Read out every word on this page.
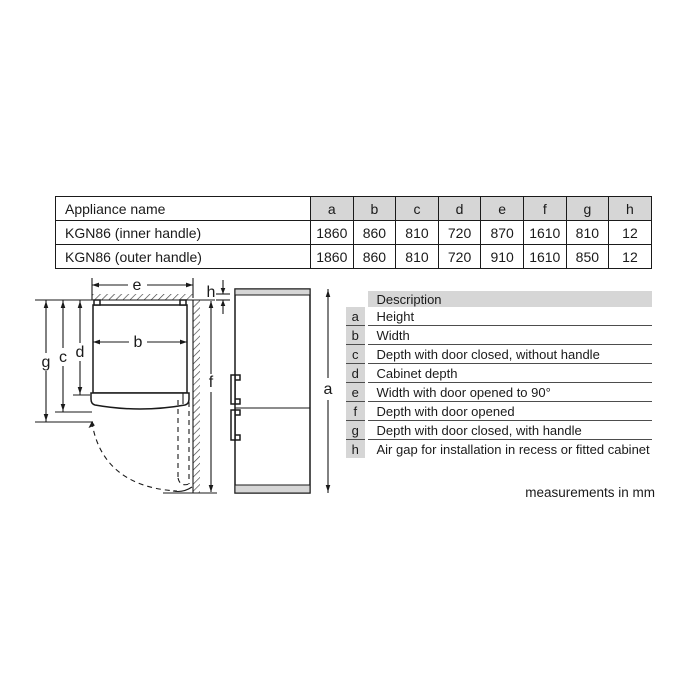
Appliance name	a	b	c	d	e	f	g	h
KGN86 (inner handle)	1860	860	810	720	870	1610	810	12
KGN86 (outer handle)	1860	860	810	720	910	1610	850	12
e	h
g c d
b
f	a
	Description
a	Height
b	Width
c	Depth with door closed, without handle
d	Cabinet depth
e	Width with door opened to 90°
f	Depth with door opened
g	Depth with door closed, with handle
h	Air gap for installation in recess or fitted cabinet
measurements in mm
